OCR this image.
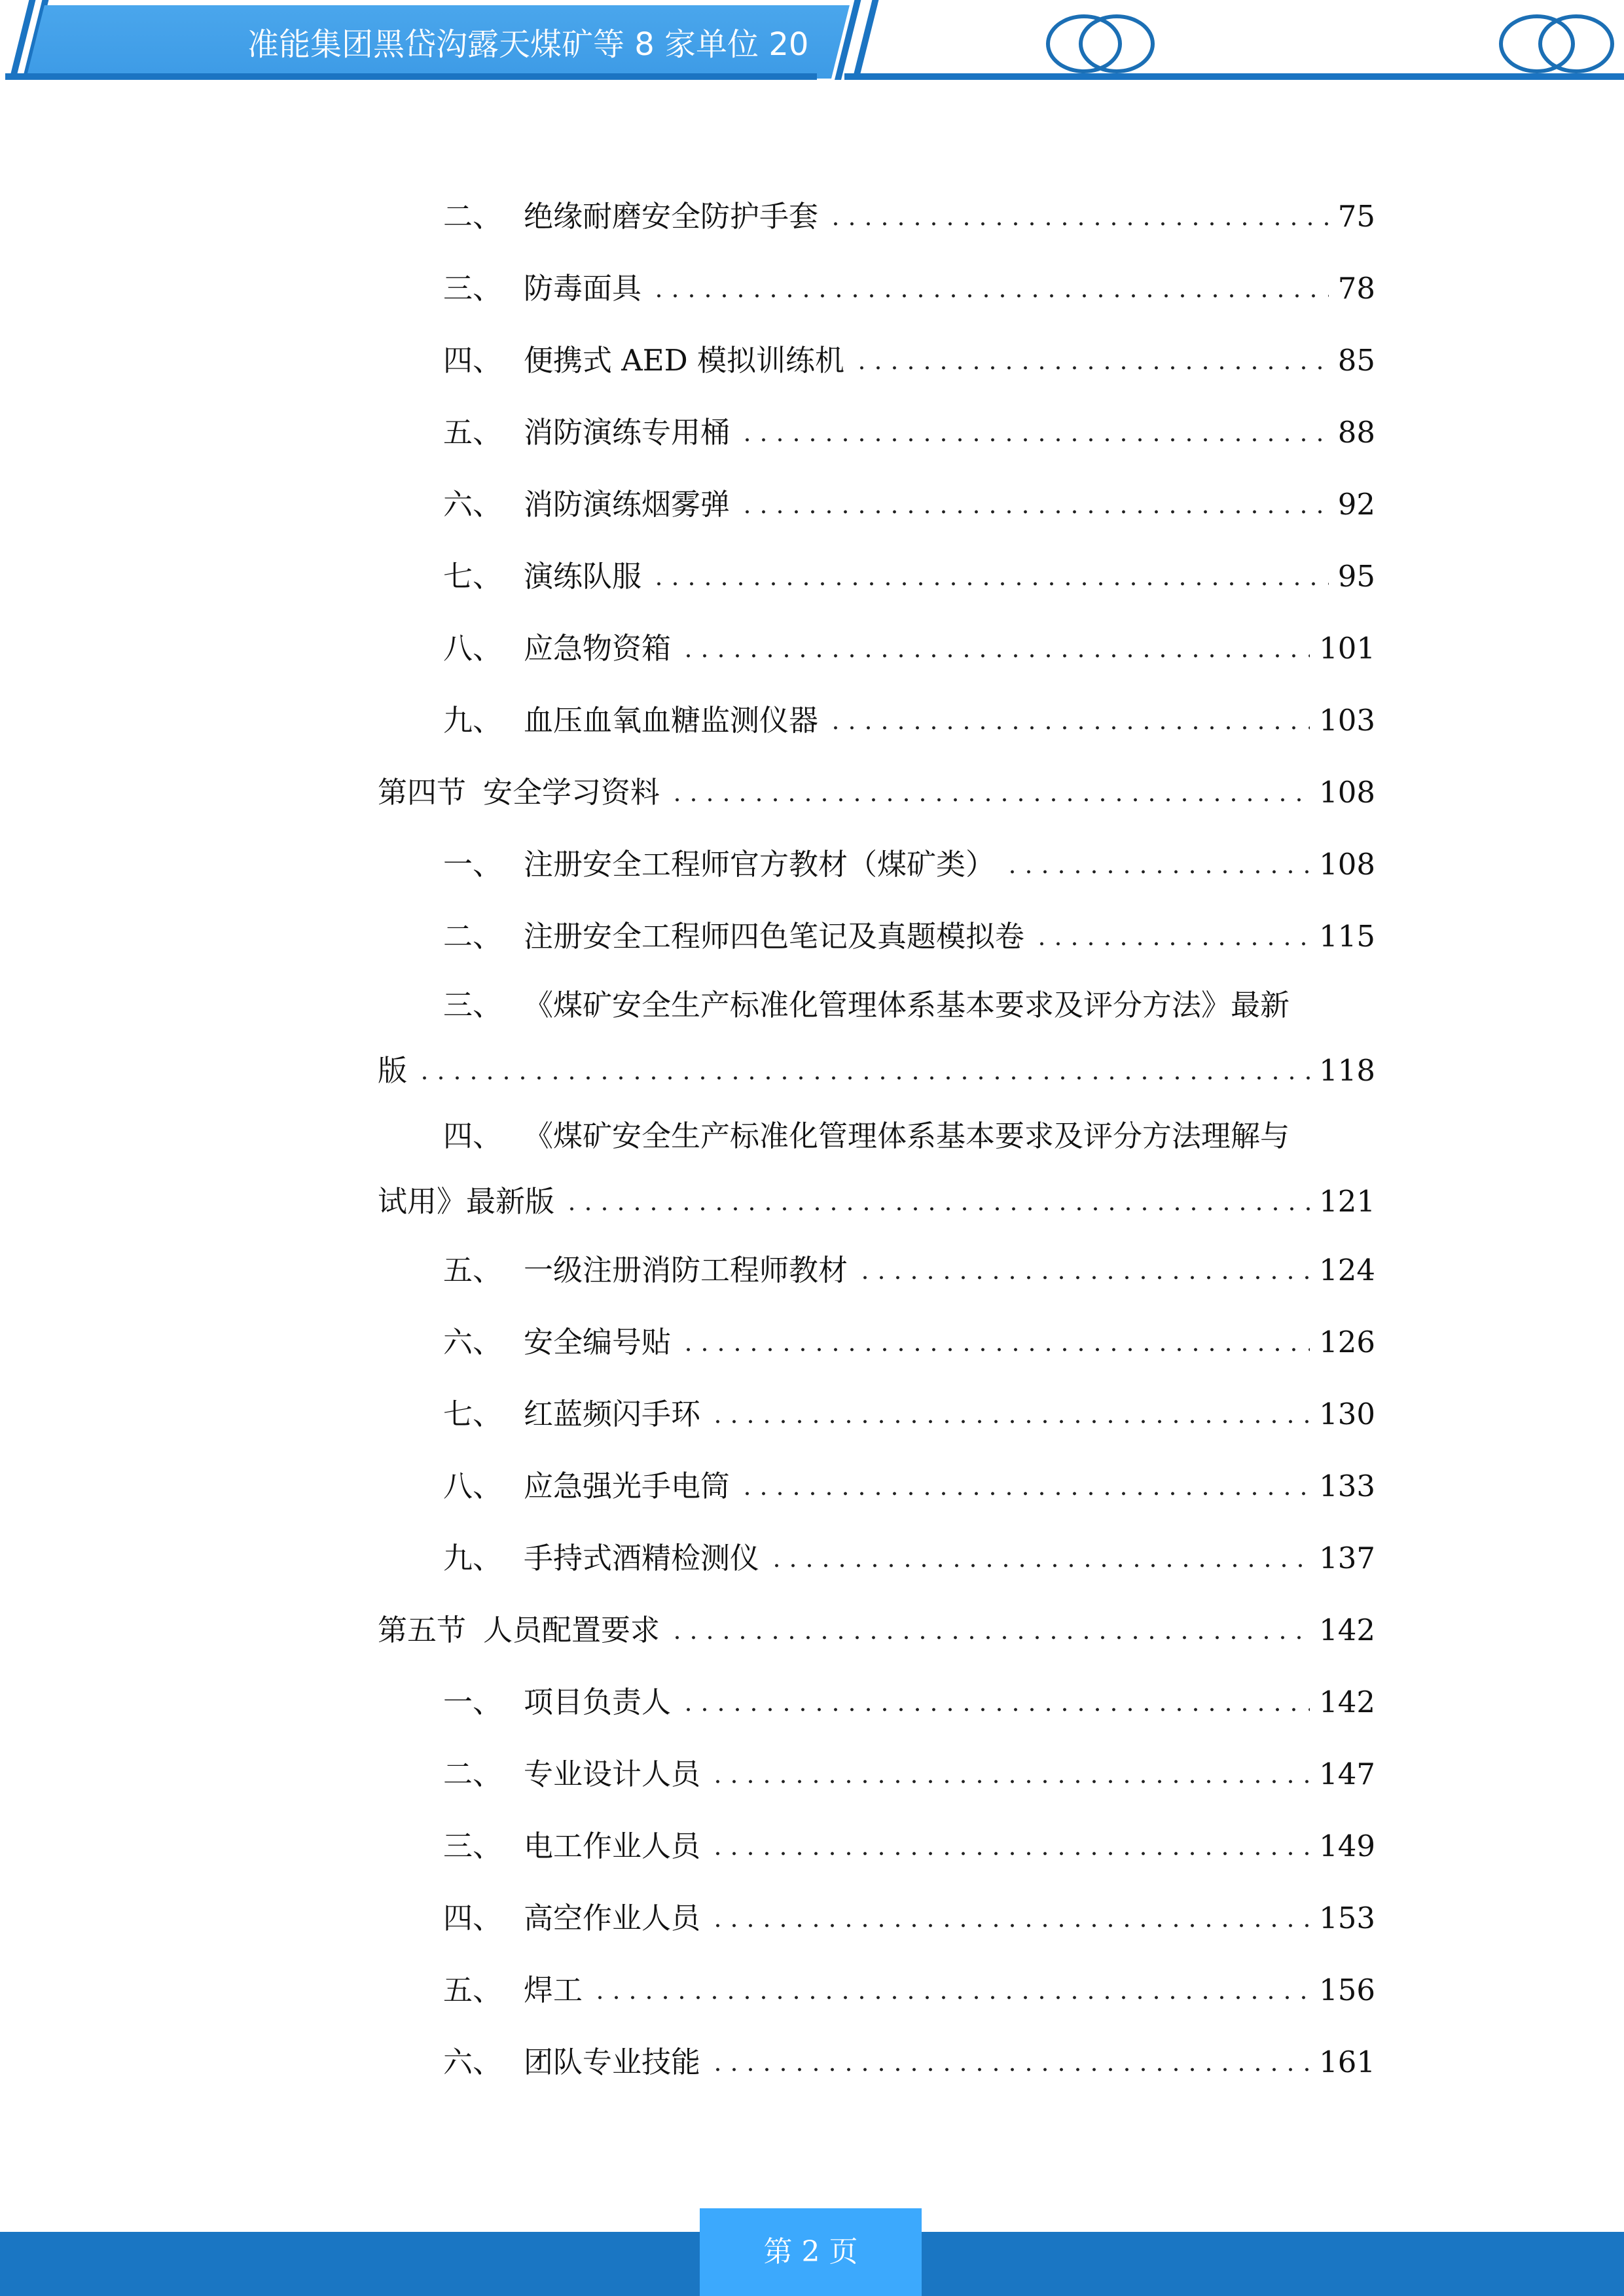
准能集团黑岱沟露天煤矿等 8 家单位 20
二、 绝缘耐磨安全防护手套	75
三、 防毒面具	78
四、 便携式 AED 模拟训练机	85
五、 消防演练专用桶	88
六、 消防演练烟雾弹	92
七、 演练队服	95
八、 应急物资箱	101
九、 血压血氧血糖监测仪器	103
第四节 安全学习资料	108
一、 注册安全工程师官方教材（煤矿类）	108
二、 注册安全工程师四色笔记及真题模拟卷	115
三、 《煤矿安全生产标准化管理体系基本要求及评分方法》最新
版	118
四、 《煤矿安全生产标准化管理体系基本要求及评分方法理解与
试用》最新版	121
五、 一级注册消防工程师教材	124
六、 安全编号贴	126
七、 红蓝频闪手环	130
八、 应急强光手电筒	133
九、 手持式酒精检测仪	137
第五节 人员配置要求	142
一、 项目负责人	142
二、 专业设计人员	147
三、 电工作业人员	149
四、 高空作业人员	153
五、 焊工	156
六、 团队专业技能	161
第 2 页
